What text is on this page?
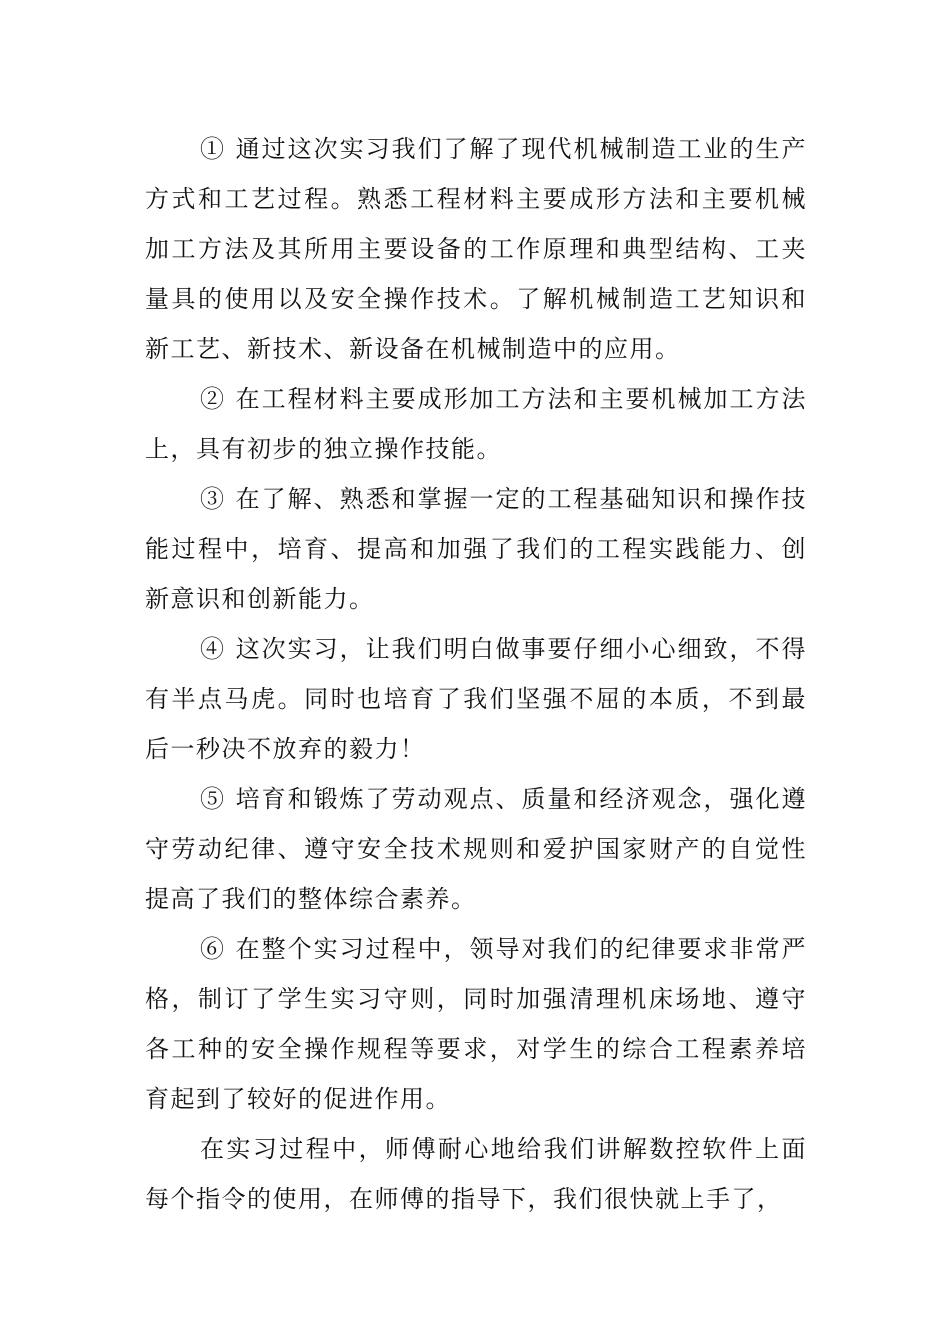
① 通过这次实习我们了解了现代机械制造工业的生产方式和工艺过程。熟悉工程材料主要成形方法和主要机械加工方法及其所用主要设备的工作原理和典型结构、工夹量具的使用以及安全操作技术。了解机械制造工艺知识和新工艺、新技术、新设备在机械制造中的应用。

② 在工程材料主要成形加工方法和主要机械加工方法上，具有初步的独立操作技能。

③ 在了解、熟悉和掌握一定的工程基础知识和操作技能过程中，培育、提高和加强了我们的工程实践能力、创新意识和创新能力。

④ 这次实习，让我们明白做事要仔细小心细致，不得有半点马虎。同时也培育了我们坚强不屈的本质，不到最后一秒决不放弃的毅力！

⑤ 培育和锻炼了劳动观点、质量和经济观念，强化遵守劳动纪律、遵守安全技术规则和爱护国家财产的自觉性提高了我们的整体综合素养。

⑥ 在整个实习过程中，领导对我们的纪律要求非常严格，制订了学生实习守则，同时加强清理机床场地、遵守各工种的安全操作规程等要求，对学生的综合工程素养培育起到了较好的促进作用。

在实习过程中，师傅耐心地给我们讲解数控软件上面每个指令的使用，在师傅的指导下，我们很快就上手了，
